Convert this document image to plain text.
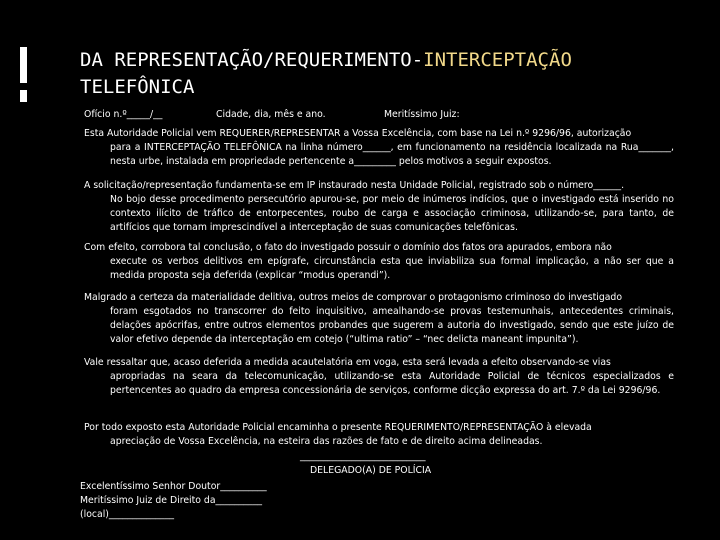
DA REPRESENTAÇÃO/REQUERIMENTO-INTERCEPTAÇÃO
TELEFÔNICA

Ofício n.º_____/__	Cidade, dia, mês e ano.	Meritíssimo Juiz:

Esta Autoridade Policial vem REQUERER/REPRESENTAR a Vossa Excelência, com base na Lei n.º 9296/96, autorização
para a INTERCEPTAÇÃO TELEFÔNICA na linha número______, em funcionamento na residência localizada na Rua_______, nesta urbe, instalada em propriedade pertencente a_________ pelos motivos a seguir expostos.
A solicitação/representação fundamenta-se em IP instaurado nesta Unidade Policial, registrado sob o número______.
No bojo desse procedimento persecutório apurou-se, por meio de inúmeros indícios, que o investigado está inserido no contexto ilícito de tráfico de entorpecentes, roubo de carga e associação criminosa, utilizando-se, para tanto, de artifícios que tornam imprescindível a interceptação de suas comunicações telefônicas.
Com efeito, corrobora tal conclusão, o fato do investigado possuir o domínio dos fatos ora apurados, embora não
execute os verbos delitivos em epígrafe, circunstância esta que inviabiliza sua formal implicação, a não ser que a medida proposta seja deferida (explicar “modus operandi”).
Malgrado a certeza da materialidade delitiva, outros meios de comprovar o protagonismo criminoso do investigado
foram esgotados no transcorrer do feito inquisitivo, amealhando-se provas testemunhais, antecedentes criminais, delações apócrifas, entre outros elementos probandes que sugerem a autoria do investigado, sendo que este juízo de valor efetivo depende da interceptação em cotejo (“ultima ratio” – “nec delicta maneant impunita”).
Vale ressaltar que, acaso deferida a medida acautelatória em voga, esta será levada a efeito observando-se vias
apropriadas na seara da telecomunicação, utilizando-se esta Autoridade Policial de técnicos especializados e pertencentes ao quadro da empresa concessionária de serviços, conforme dicção expressa do art. 7.º da Lei 9296/96.
Por todo exposto esta Autoridade Policial encaminha o presente REQUERIMENTO/REPRESENTAÇÃO à elevada
apreciação de Vossa Excelência, na esteira das razões de fato e de direito acima delineadas.

___________________________

DELEGADO(A) DE POLÍCIA

Excelentíssimo Senhor Doutor__________

Meritíssimo Juiz de Direito da__________

(local)______________
